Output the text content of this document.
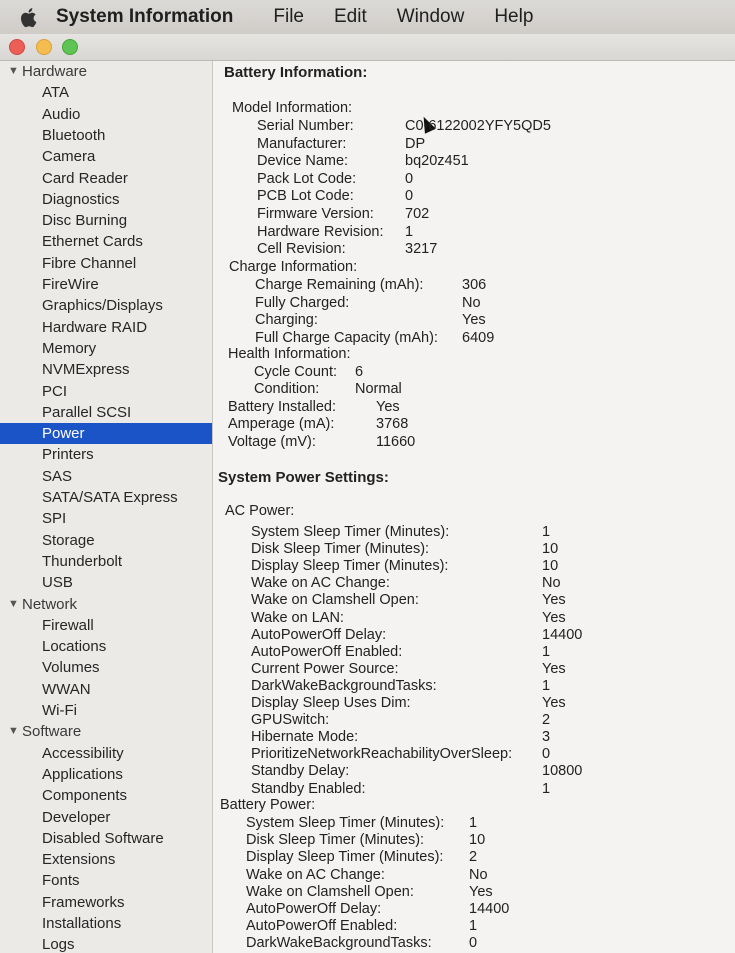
System Information File Edit Window Help
▼ Hardware
ATA
Audio
Bluetooth
Camera
Card Reader
Diagnostics
Disc Burning
Ethernet Cards
Fibre Channel
FireWire
Graphics/Displays
Hardware RAID
Memory
NVMExpress
PCI
Parallel SCSI
Power
Printers
SAS
SATA/SATA Express
SPI
Storage
Thunderbolt
USB
▼ Network
Firewall
Locations
Volumes
WWAN
Wi-Fi
▼ Software
Accessibility
Applications
Components
Developer
Disabled Software
Extensions
Fonts
Frameworks
Installations
Logs
Battery Information:
Model Information:
Serial Number:	C0-6122002YFY5QD5
Manufacturer:	DP
Device Name:	bq20z451
Pack Lot Code:	0
PCB Lot Code:	0
Firmware Version: 702
Hardware Revision: 1
Cell Revision:	3217
Charge Information:
Charge Remaining (mAh):	306
Fully Charged:	No
Charging:	Yes
Full Charge Capacity (mAh): 6409
Health Information:
Cycle Count: 6
Condition: Normal
Battery Installed:	Yes
Amperage (mA):	3768
Voltage (mV):	11660
System Power Settings:
AC Power:
System Sleep Timer (Minutes):	1
Disk Sleep Timer (Minutes):	10
Display Sleep Timer (Minutes):	10
Wake on AC Change:	No
Wake on Clamshell Open:	Yes
Wake on LAN:	Yes
AutoPowerOff Delay:	14400
AutoPowerOff Enabled:	1
Current Power Source:	Yes
DarkWakeBackgroundTasks:	1
Display Sleep Uses Dim:	Yes
GPUSwitch:	2
Hibernate Mode:	3
PrioritizeNetworkReachabilityOverSleep: 0
Standby Delay:	10800
Standby Enabled:	1
Battery Power:
System Sleep Timer (Minutes): 1
Disk Sleep Timer (Minutes):	10
Display Sleep Timer (Minutes): 2
Wake on AC Change:	No
Wake on Clamshell Open:	Yes
AutoPowerOff Delay:	14400
AutoPowerOff Enabled:	1
DarkWakeBackgroundTasks:	0
